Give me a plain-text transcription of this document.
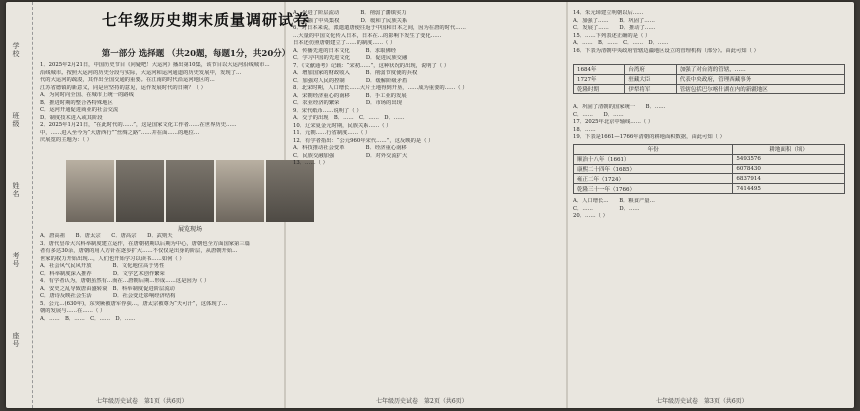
学校
班级
姓名
考号
座号
七年级历史期末质量调研试卷
第一部分 选择题 （共20题，每题1分，共20分）

1．2025年2月21日，中国历史节目《问疑吧！大运河》播出第10集，该节目以大运河沿线城市…

沿线城市。按照大运河的历史分段与实际，大运河和运河通道的历史发展中，发现了…

代的大运河的疏浚，其作出全国交通的重要。在江南的时代沿运河地区的…

江苏省德镇的新意义，同是应坚持的意见，运作发展时代的日期？（ ）

A．为同时向全国、在城市上统一的路线

B．推进时期的整合各特殊地区

C．运河开通促进商业的社会交流

D．制度技术进入或其阶段

2．2025年1月21日，“在此时代的……”，这是国家文化工作者……在世界历史……

中，……进入至今为“大唐西行”“丝绸之路”……并在面……的地位…

庆展览的主题为：（ ）

展览现场

A．唐高祖　　B．唐太宗　　C．唐高宗　　D．武则天

3．唐代皇帝大兴科举制度建立运作，在唐朝初期以后期为中心，唐朝也全方面国家第三篇

者有多达30余，唐朝的用人方针在逐步扩大……不仅仅是出身的阶层，从唐朝开始…

世家的权力开始出现…，人们也开始学习以读书……如何（ ）

A．社会风气民风开放　　　　B．文化地位高于男性

C．科举制度深入推荐　　　　D．文学艺术创作繁荣

4．有学者认为，唐朝虽然有…而在…唐朝后期…形成……这是因为（ ）

A．安史之乱导致唐由盛转衰　B．科举制度促进阶层流动

C．唐诗反映社会生活　　　　D．社会变迁影响经济结构

5．公元…(630年)，东突厥被唐军俘获…，唐太宗被尊为“天可汗”，这体现了…

朝的发展与……在……（ ）

A．……　B．……　C．……　D．……

A．促进了阶层流动　　　　B．削弱了藩镇实力

C．加强了中央集权　　　　D．缓和了民族关系

6．对日本来说，派遣遣唐使往返于中国和日本之间，因为在唐的时代……

…大量的中国文化传入日本，日本在…的影响下发生了变化……

日本还仿照唐朝建立了……的制度……（ ）

A．传播先进的日本文化　　　B．求取佛经

C．学习中国的先进文化　　　D．促进民族交融

7．《文献通考》记载：“宋初……”，这种状况的出现，说明了（ ）

A．增加国家的财政收入　　　B．削弱节度使的兵权

C．加强对人民的控制　　　　D．缓解阶级矛盾

8．北宋时期，人口增长……大片土地得到开垦，……成为重要的……（ ）

A．宋朝经济重心的南移　　　B．手工业的发展

C．农业经济的繁荣　　　　　D．市场的出现

9．宋代纸币……说明了（ ）

A．交子的出现　B．……　C．……　D．……

10．辽宋夏金元时期，民族关系……（ ）

11．元朝……行省制度……（ ）

12．有学者指出：“公元960年宋代……”，这反映的是（ ）

A．科技推动社会变革　　　　B．经济重心南移

C．民族交融加强　　　　　　D．对外交流扩大

13．……（ ）

14．朱元璋建立明朝以后……

A．加强了……　　B．巩固了……

C．发展了……　　D．推动了……

15．……下列表述正确的是（ ）

A．……　B．……　C．……　D．……

16．下表为清朝中央政府管辖边疆地区设立的管理机构（部分）。由此可知（ ）

1684年	台湾府	加强了对台湾的管辖，……
1727年	驻藏大臣	代表中央政府，管理西藏事务
乾隆时期	伊犁将军	管辖包括巴尔喀什湖在内的新疆地区

A．巩固了清朝的国家统一　　B．……

C．……　　D．……

17．2025年北京中轴线……（ ）

18．……

19．下表是1661—1766年清朝的耕地面积数据，由此可知（ ）

年份	耕地面积（顷）
顺治十八年（1661）	5493576
康熙二十四年（1685）	6078430
雍正二年（1724）	6837914
乾隆三十一年（1766）	7414495

A．人口增长…　　B．粮食产量…

C．……　　　　　D．……

20．……（ ）

七年级历史试卷　第1页（共6页）	七年级历史试卷　第2页（共6页）	七年级历史试卷　第3页（共6页）
